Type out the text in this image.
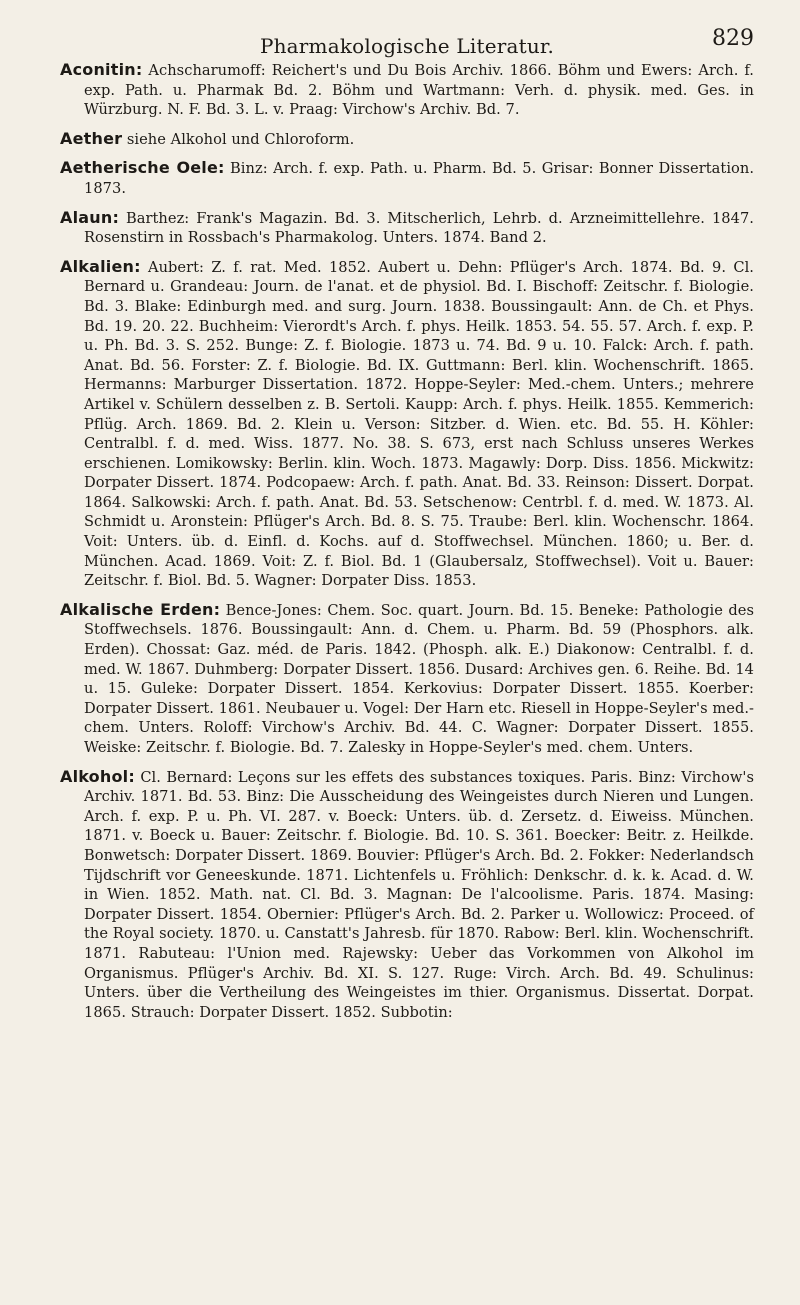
Pharmakologische Literatur.	829

Aconitin: Achscharumoff: Reichert's und Du Bois Archiv. 1866. Böhm und Ewers: Arch. f. exp. Path. u. Pharmak Bd. 2. Böhm und Wartmann: Verh. d. physik. med. Ges. in Würzburg. N. F. Bd. 3. L. v. Praag: Virchow's Archiv. Bd. 7.

Aether siehe Alkohol und Chloroform.

Aetherische Oele: Binz: Arch. f. exp. Path. u. Pharm. Bd. 5. Grisar: Bonner Dissertation. 1873.

Alaun: Barthez: Frank's Magazin. Bd. 3. Mitscherlich, Lehrb. d. Arzneimittellehre. 1847. Rosenstirn in Rossbach's Pharmakolog. Unters. 1874. Band 2.

Alkalien: Aubert: Z. f. rat. Med. 1852. Aubert u. Dehn: Pflüger's Arch. 1874. Bd. 9. Cl. Bernard u. Grandeau: Journ. de l'anat. et de physiol. Bd. I. Bischoff: Zeitschr. f. Biologie. Bd. 3. Blake: Edinburgh med. and surg. Journ. 1838. Boussingault: Ann. de Ch. et Phys. Bd. 19. 20. 22. Buchheim: Vierordt's Arch. f. phys. Heilk. 1853. 54. 55. 57. Arch. f. exp. P. u. Ph. Bd. 3. S. 252. Bunge: Z. f. Biologie. 1873 u. 74. Bd. 9 u. 10. Falck: Arch. f. path. Anat. Bd. 56. Forster: Z. f. Biologie. Bd. IX. Guttmann: Berl. klin. Wochenschrift. 1865. Hermanns: Marburger Dissertation. 1872. Hoppe-Seyler: Med.-chem. Unters.; mehrere Artikel v. Schülern desselben z. B. Sertoli. Kaupp: Arch. f. phys. Heilk. 1855. Kemmerich: Pflüg. Arch. 1869. Bd. 2. Klein u. Verson: Sitzber. d. Wien. etc. Bd. 55. H. Köhler: Centralbl. f. d. med. Wiss. 1877. No. 38. S. 673, erst nach Schluss unseres Werkes erschienen. Lomikowsky: Berlin. klin. Woch. 1873. Magawly: Dorp. Diss. 1856. Mickwitz: Dorpater Dissert. 1874. Podcopaew: Arch. f. path. Anat. Bd. 33. Reinson: Dissert. Dorpat. 1864. Salkowski: Arch. f. path. Anat. Bd. 53. Setschenow: Centrbl. f. d. med. W. 1873. Al. Schmidt u. Aronstein: Pflüger's Arch. Bd. 8. S. 75. Traube: Berl. klin. Wochenschr. 1864. Voit: Unters. üb. d. Einfl. d. Kochs. auf d. Stoffwechsel. München. 1860; u. Ber. d. München. Acad. 1869. Voit: Z. f. Biol. Bd. 1 (Glaubersalz, Stoffwechsel). Voit u. Bauer: Zeitschr. f. Biol. Bd. 5. Wagner: Dorpater Diss. 1853.

Alkalische Erden: Bence-Jones: Chem. Soc. quart. Journ. Bd. 15. Beneke: Pathologie des Stoffwechsels. 1876. Boussingault: Ann. d. Chem. u. Pharm. Bd. 59 (Phosphors. alk. Erden). Chossat: Gaz. méd. de Paris. 1842. (Phosph. alk. E.) Diakonow: Centralbl. f. d. med. W. 1867. Duhmberg: Dorpater Dissert. 1856. Dusard: Archives gen. 6. Reihe. Bd. 14 u. 15. Gulеke: Dorpater Dissert. 1854. Kerkovius: Dorpater Dissert. 1855. Koerber: Dorpater Dissert. 1861. Neubauer u. Vogel: Der Harn etc. Riesell in Hoppe-Seyler's med.-chem. Unters. Roloff: Virchow's Archiv. Bd. 44. C. Wagner: Dorpater Dissert. 1855. Weiske: Zeitschr. f. Biologie. Bd. 7. Zalesky in Hoppe-Seyler's med. chem. Unters.

Alkohol: Cl. Bernard: Leçons sur les effets des substances toxiques. Paris. Binz: Virchow's Archiv. 1871. Bd. 53. Binz: Die Ausscheidung des Weingeistes durch Nieren und Lungen. Arch. f. exp. P. u. Ph. VI. 287. v. Boeck: Unters. üb. d. Zersetz. d. Eiweiss. München. 1871. v. Boeck u. Bauer: Zeitschr. f. Biologie. Bd. 10. S. 361. Boecker: Beitr. z. Heilkde. Bonwetsch: Dorpater Dissert. 1869. Bouvier: Pflüger's Arch. Bd. 2. Fokker: Nederlandsch Tijdschrift vor Geneeskunde. 1871. Lichtenfels u. Fröhlich: Denkschr. d. k. k. Acad. d. W. in Wien. 1852. Math. nat. Cl. Bd. 3. Magnan: De l'alcoolisme. Paris. 1874. Masing: Dorpater Dissert. 1854. Obernier: Pflüger's Arch. Bd. 2. Parker u. Wollowicz: Proceed. of the Royal society. 1870. u. Canstatt's Jahresb. für 1870. Rabow: Berl. klin. Wochenschrift. 1871. Rabuteau: l'Union med. Rajewsky: Ueber das Vorkommen von Alkohol im Organismus. Pflüger's Archiv. Bd. XI. S. 127. Ruge: Virch. Arch. Bd. 49. Schulinus: Unters. über die Vertheilung des Weingeistes im thier. Organismus. Dissertat. Dorpat. 1865. Strauch: Dorpater Dissert. 1852. Subbotin:
